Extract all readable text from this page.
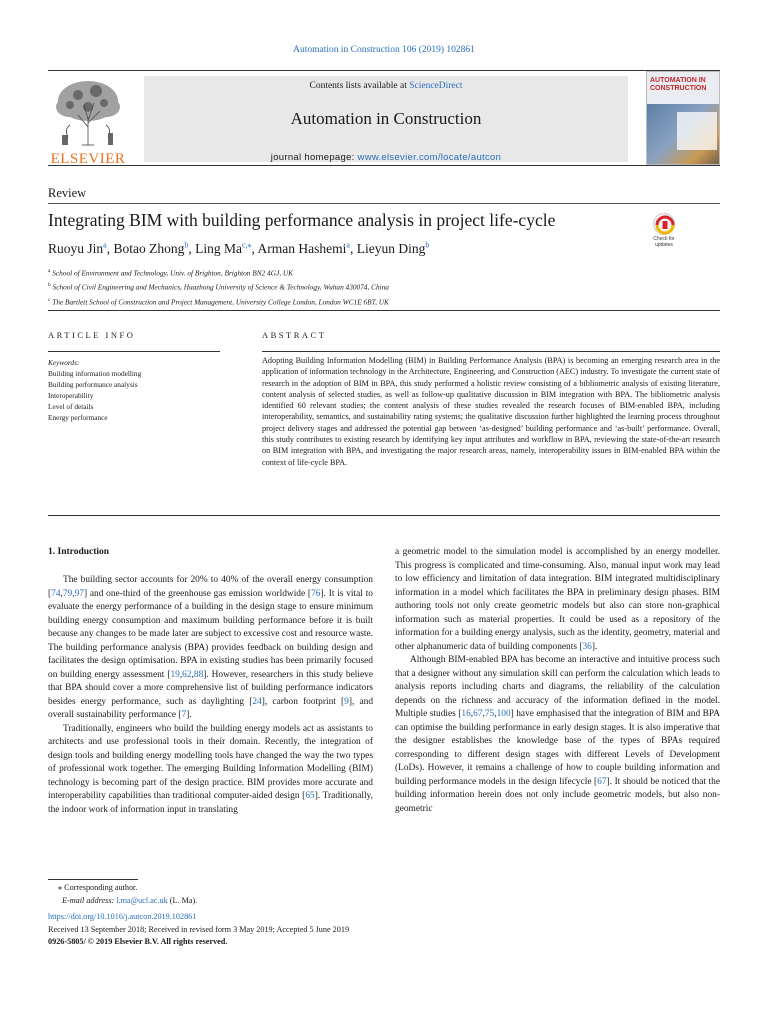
Automation in Construction 106 (2019) 102861
ELSEVIER
Contents lists available at ScienceDirect
Automation in Construction
journal homepage: www.elsevier.com/locate/autcon
AUTOMATION IN
CONSTRUCTION
Review
Integrating BIM with building performance analysis in project life-cycle
Check for
updates
Ruoyu Jin$^a$, Botao Zhong$^b$, Ling $Ma^{c,⁎}$, Arman Hashemi$^a$, Lieyun Ding$^b$
$^a$ School of Environment and Technology, Univ. of Brighton, Brighton BN2 4GJ, UK
$^b$ School of Civil Engineering and Mechanics, Huazhong University of Science & Technology, Wuhan 430074, China
$^c$ The Bartlett School of Construction and Project Management, University College London, London WC1E 6BT, UK
ARTICLE INFO
Keywords:
Building information modelling
Building performance analysis
Interoperability
Level of details
Energy performance
ABSTRACT
Adopting Building Information Modelling (BIM) in Building Performance Analysis (BPA) is becoming an emerging research area in the application of information technology in the Architecture, Engineering, and Construction (AEC) industry. To investigate the current state of research in the adoption of BIM in BPA, this study performed a holistic review consisting of a bibliometric analysis of existing literature, content analysis of selected studies, as well as follow-up qualitative discussion in BIM integration with BPA. The bibliometric analysis identified 60 relevant studies; the content analysis of these studies revealed the research focuses of BIM-enabled BPA, including interoperability, semantics, and sustainability rating systems; the qualitative discussion further highlighted the learning process throughout project delivery stages and addressed the potential gap between ‘as-designed’ building performance and ‘as-built’ performance. Overall, this study contributes to existing research by identifying key input attributes and workflow in BPA, reviewing the state-of-the-art research on BIM integration with BPA, and investigating the major research areas, namely, interoperability issues in BIM-enabled BPA within the context of life-cycle BPA.
1. Introduction

The building sector accounts for 20% to 40% of the overall energy consumption [74,79,97] and one-third of the greenhouse gas emission worldwide [76]. It is vital to evaluate the energy performance of a building in the design stage to ensure minimum building energy consumption and maximum building performance before it is built because any changes to be made later are subject to excessive cost and resource waste. The building performance analysis (BPA) provides feedback on building design and facilitates the design optimisation. BPA in existing studies has been primarily focused on building energy assessment [19,62,88]. However, researchers in this study believe that BPA should cover a more comprehensive list of building performance indicators besides energy performance, such as daylighting [24], carbon footprint [9], and overall sustainability performance [7].

Traditionally, engineers who build the building energy models act as assistants to architects and use professional tools in their domain. Recently, the integration of design tools and building energy modelling tools have changed the way the two types of professional work together. The emerging Building Information Modelling (BIM) technology is becoming part of the design practice. BIM provides more accurate and interoperability capabilities than traditional computer-aided design [65]. Traditionally, the indoor work of information input in translating

a geometric model to the simulation model is accomplished by an energy modeller. This progress is complicated and time-consuming. Also, manual input work may lead to low efficiency and limitation of data integration. BIM integrated multidisciplinary information in a model which facilitates the BPA in preliminary design phases. BIM authoring tools not only create geometric models but also can store non-graphical information such as material properties. It could be used as a repository of the information for a building energy analysis, such as the identity, geometry, material and other alphanumeric data of building components [36].

Although BIM-enabled BPA has become an interactive and intuitive process such that a designer without any simulation skill can perform the calculation which leads to analysis reports including charts and diagrams, the reliability of the calculation depends on the richness and accuracy of the information defined in the model. Multiple studies [16,67,75,100] have emphasised that the integration of BIM and BPA can optimise the building performance in early design stages. It is also imperative that the designer establishes the knowledge base of the types of BPAs required corresponding to different design stages with different Levels of Development (LoDs). However, it remains a challenge of how to couple building information and building performance models in the design lifecycle [67]. It should be noticed that the building information herein does not only include geometric models, but also non-geometric

⁎ Corresponding author.
E-mail address: l.ma@ucl.ac.uk (L. Ma).
https://doi.org/10.1016/j.autcon.2019.102861
Received 13 September 2018; Received in revised form 3 May 2019; Accepted 5 June 2019
0926-5805/ © 2019 Elsevier B.V. All rights reserved.
